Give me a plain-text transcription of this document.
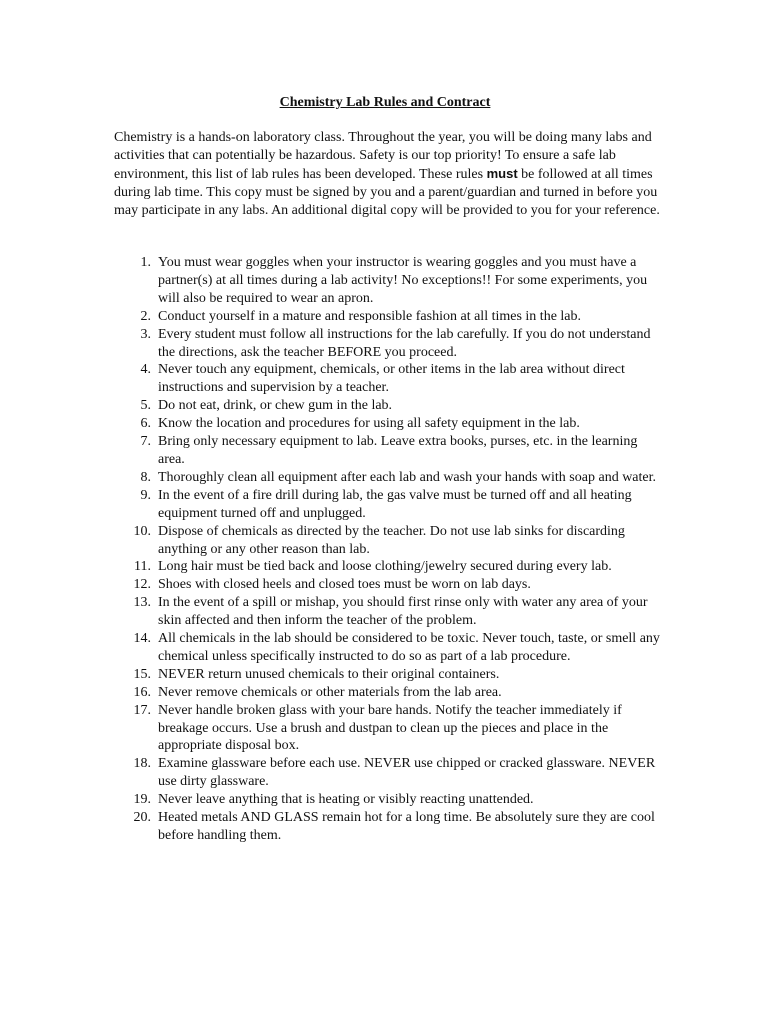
Chemistry Lab Rules and Contract

Chemistry is a hands-on laboratory class. Throughout the year, you will be doing many labs and activities that can potentially be hazardous. Safety is our top priority! To ensure a safe lab environment, this list of lab rules has been developed. These rules must be followed at all times during lab time. This copy must be signed by you and a parent/guardian and turned in before you may participate in any labs. An additional digital copy will be provided to you for your reference.

1. You must wear goggles when your instructor is wearing goggles and you must have a partner(s) at all times during a lab activity! No exceptions!! For some experiments, you will also be required to wear an apron.
2. Conduct yourself in a mature and responsible fashion at all times in the lab.
3. Every student must follow all instructions for the lab carefully. If you do not understand the directions, ask the teacher BEFORE you proceed.
4. Never touch any equipment, chemicals, or other items in the lab area without direct instructions and supervision by a teacher.
5. Do not eat, drink, or chew gum in the lab.
6. Know the location and procedures for using all safety equipment in the lab.
7. Bring only necessary equipment to lab. Leave extra books, purses, etc. in the learning area.
8. Thoroughly clean all equipment after each lab and wash your hands with soap and water.
9. In the event of a fire drill during lab, the gas valve must be turned off and all heating equipment turned off and unplugged.
10. Dispose of chemicals as directed by the teacher. Do not use lab sinks for discarding anything or any other reason than lab.
11. Long hair must be tied back and loose clothing/jewelry secured during every lab.
12. Shoes with closed heels and closed toes must be worn on lab days.
13. In the event of a spill or mishap, you should first rinse only with water any area of your skin affected and then inform the teacher of the problem.
14. All chemicals in the lab should be considered to be toxic. Never touch, taste, or smell any chemical unless specifically instructed to do so as part of a lab procedure.
15. NEVER return unused chemicals to their original containers.
16. Never remove chemicals or other materials from the lab area.
17. Never handle broken glass with your bare hands. Notify the teacher immediately if breakage occurs. Use a brush and dustpan to clean up the pieces and place in the appropriate disposal box.
18. Examine glassware before each use. NEVER use chipped or cracked glassware. NEVER use dirty glassware.
19. Never leave anything that is heating or visibly reacting unattended.
20. Heated metals AND GLASS remain hot for a long time. Be absolutely sure they are cool before handling them.
